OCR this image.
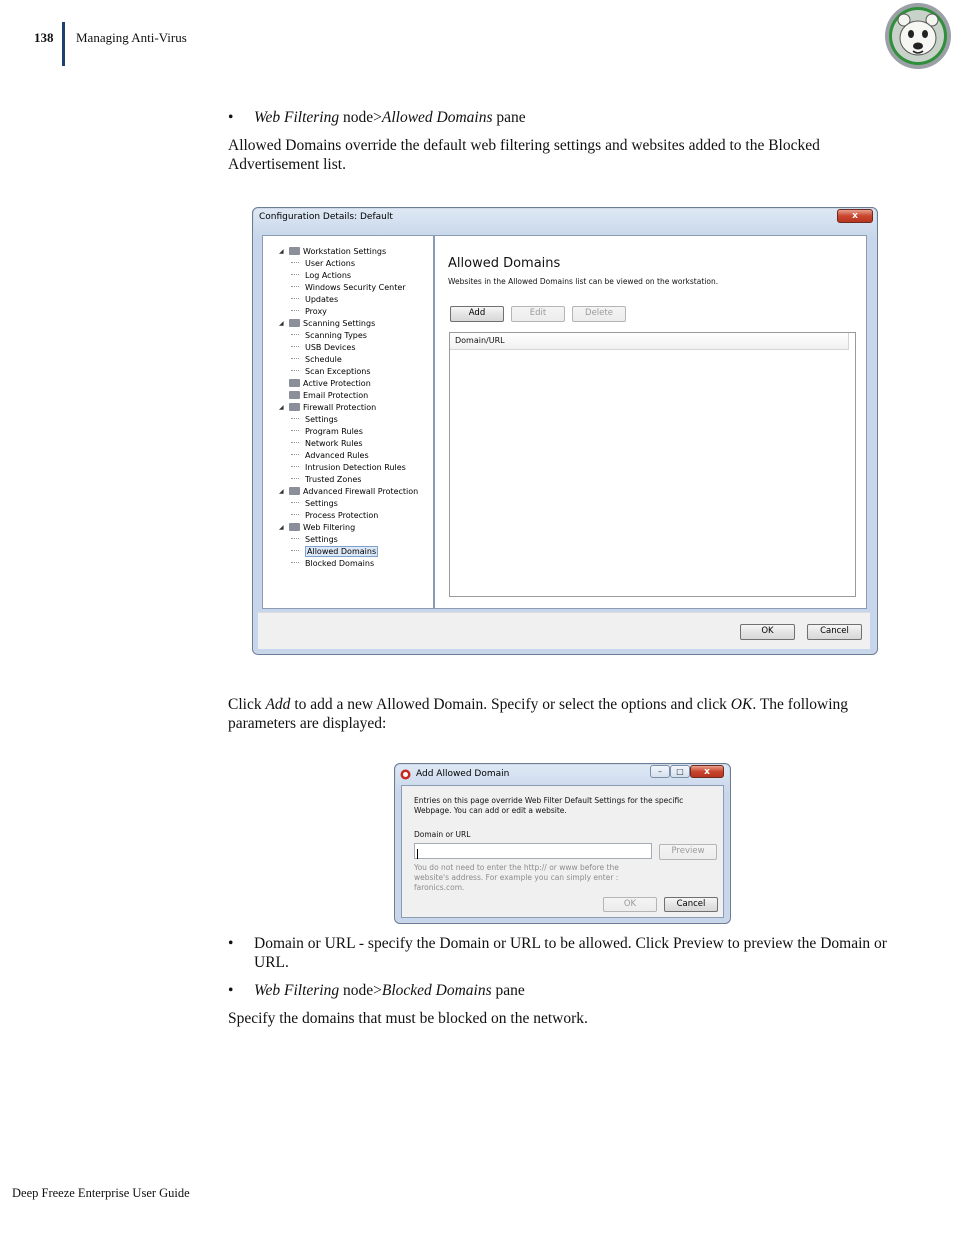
138 Managing Anti-Virus
• Web Filtering node>Allowed Domains pane
Allowed Domains override the default web filtering settings and websites added to the Blocked Advertisement list.
Configuration Details: Default	x
◢ Workstation Settings
User Actions
Log Actions
Windows Security Center
Updates
Proxy
◢ Scanning Settings
Scanning Types
USB Devices
Schedule
Scan Exceptions
Active Protection
Email Protection
◢ Firewall Protection
Settings
Program Rules
Network Rules
Advanced Rules
Intrusion Detection Rules
Trusted Zones
◢ Advanced Firewall Protection
Settings
Process Protection
◢ Web Filtering
Settings
Allowed Domains
Blocked Domains
Allowed Domains
Websites in the Allowed Domains list can be viewed on the workstation.
Add	Edit	Delete
Domain/URL
OK	Cancel
Click Add to add a new Allowed Domain. Specify or select the options and click OK. The following parameters are displayed:
Add Allowed Domain	–	□	x
Entries on this page override Web Filter Default Settings for the specific Webpage. You can add or edit a website.
Domain or URL
Preview
You do not need to enter the http:// or www before the website's address. For example you can simply enter : faronics.com.
OK	Cancel
• Domain or URL - specify the Domain or URL to be allowed. Click Preview to preview the Domain or URL.
• Web Filtering node>Blocked Domains pane
Specify the domains that must be blocked on the network.
Deep Freeze Enterprise User Guide
